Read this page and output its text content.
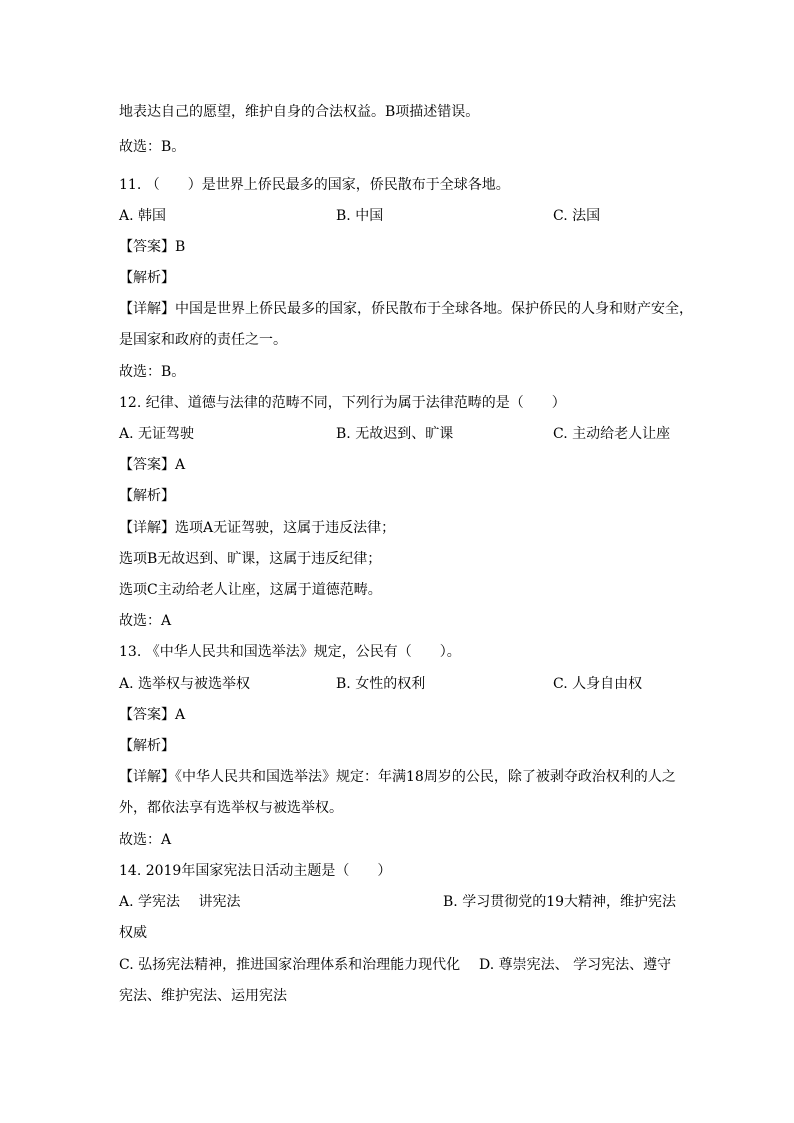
地表达自己的愿望，维护自身的合法权益。B项描述错误。
故选：B。
11. （　　）是世界上侨民最多的国家，侨民散布于全球各地。
A. 韩国	B. 中国	C. 法国
【答案】B
【解析】
【详解】中国是世界上侨民最多的国家，侨民散布于全球各地。保护侨民的人身和财产安全，
是国家和政府的责任之一。
故选：B。
12. 纪律、道德与法律的范畴不同，下列行为属于法律范畴的是（　　）
A. 无证驾驶	B. 无故迟到、旷课	C. 主动给老人让座
【答案】A
【解析】
【详解】选项A无证驾驶，这属于违反法律；
选项B无故迟到、旷课，这属于违反纪律；
选项C主动给老人让座，这属于道德范畴。
故选：A
13. 《中华人民共和国选举法》规定，公民有（　　）。
A. 选举权与被选举权	B. 女性的权利	C. 人身自由权
【答案】A
【解析】
【详解】《中华人民共和国选举法》规定：年满18周岁的公民，除了被剥夺政治权利的人之
外，都依法享有选举权与被选举权。
故选：A
14. 2019年国家宪法日活动主题是（　　）
A. 学宪法　 讲宪法	B. 学习贯彻党的19大精神，维护宪法
权威
C. 弘扬宪法精神，推进国家治理体系和治理能力现代化 D. 尊崇宪法、 学习宪法、遵守
宪法、维护宪法、运用宪法
